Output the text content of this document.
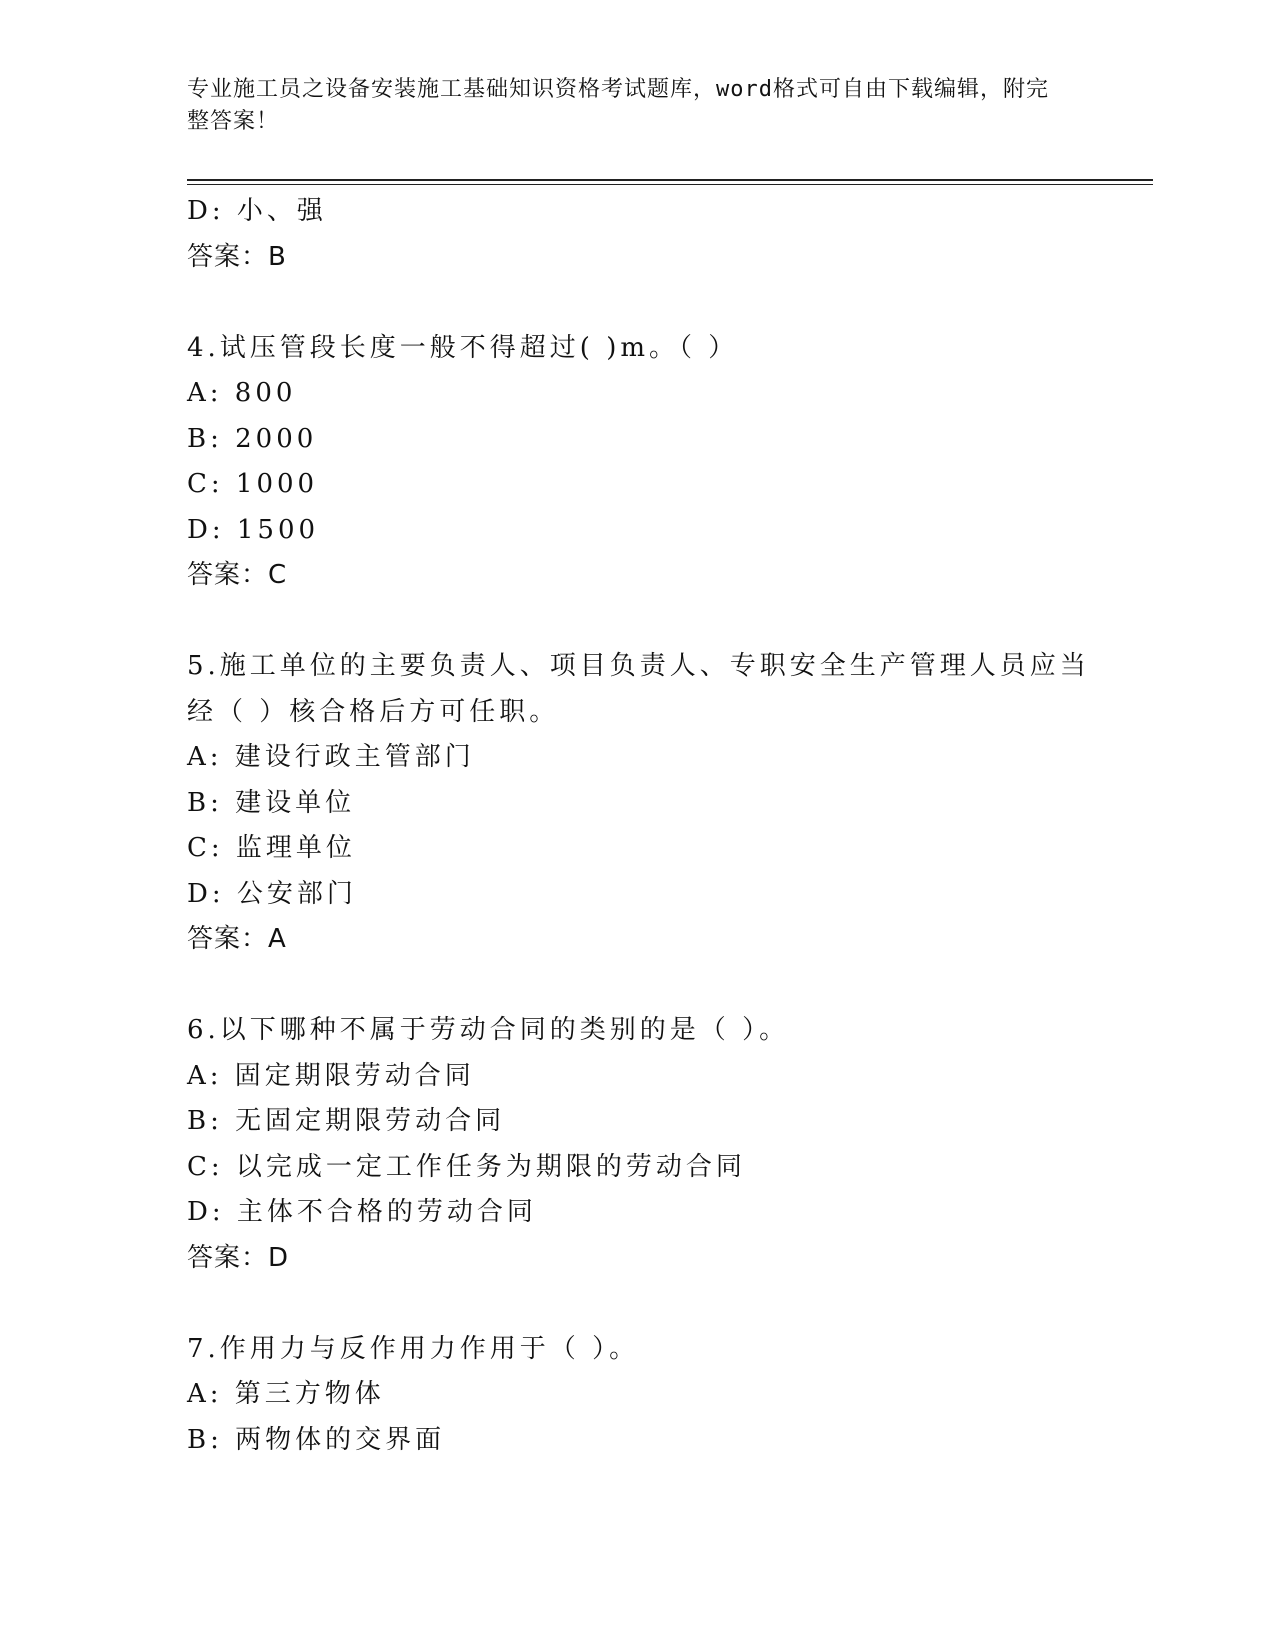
专业施工员之设备安装施工基础知识资格考试题库，word格式可自由下载编辑，附完整答案！
D: 小、强
答案：B
4.试压管段长度一般不得超过( )m。（ ）
A: 800
B: 2000
C: 1000
D: 1500
答案：C
5.施工单位的主要负责人、项目负责人、专职安全生产管理人员应当
经（ ）核合格后方可任职。
A: 建设行政主管部门
B: 建设单位
C: 监理单位
D: 公安部门
答案：A
6.以下哪种不属于劳动合同的类别的是（ ）。
A: 固定期限劳动合同
B: 无固定期限劳动合同
C: 以完成一定工作任务为期限的劳动合同
D: 主体不合格的劳动合同
答案：D
7.作用力与反作用力作用于（ ）。
A: 第三方物体
B: 两物体的交界面
